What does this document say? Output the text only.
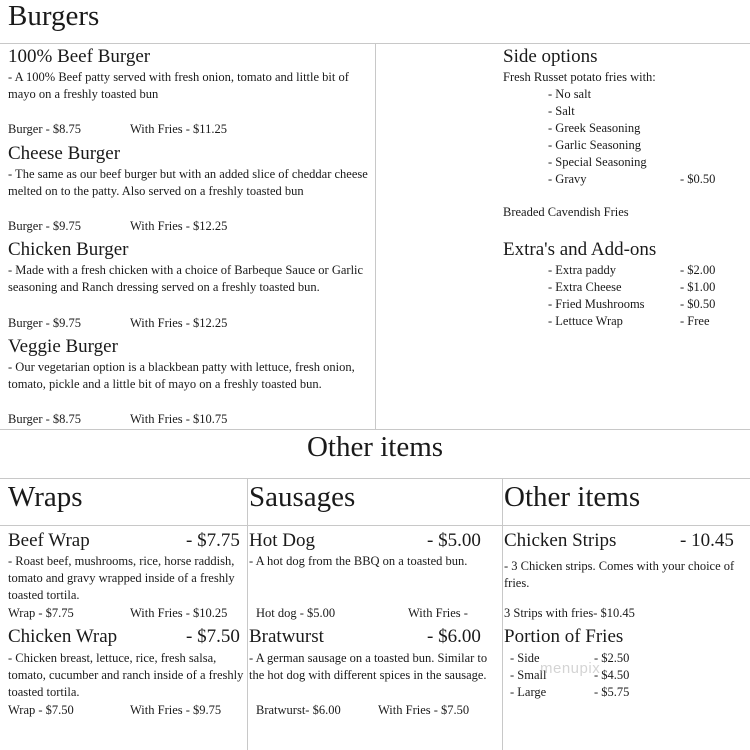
Burgers
100% Beef Burger
- A 100% Beef patty served with fresh onion, tomato and little bit of mayo on a freshly toasted bun
Burger - $8.75	With Fries - $11.25
Cheese Burger
- The same as our beef burger but with an added slice of cheddar cheese melted on to the patty. Also served on a freshly toasted bun
Burger - $9.75	With Fries - $12.25
Chicken Burger
- Made with a fresh chicken with a choice of Barbeque Sauce or Garlic seasoning and Ranch dressing served on a freshly toasted bun.
Burger - $9.75	With Fries - $12.25
Veggie Burger
- Our vegetarian option is a blackbean patty with lettuce, fresh onion, tomato, pickle and a little bit of mayo on a freshly toasted bun.
Burger - $8.75	With Fries - $10.75
Side options
Fresh Russet potato fries with:
- No salt
- Salt
- Greek Seasoning
- Garlic Seasoning
- Special Seasoning
- Gravy	- $0.50
Breaded Cavendish Fries
Extra's and Add-ons
- Extra paddy	- $2.00
- Extra Cheese	- $1.00
- Fried Mushrooms	- $0.50
- Lettuce Wrap	- Free
Other items
Wraps	Sausages	Other items
Beef Wrap	- $7.75
- Roast beef, mushrooms, rice, horse raddish, tomato and gravy wrapped inside of a freshly toasted tortila.
Wrap - $7.75	With Fries - $10.25
Chicken Wrap	- $7.50
- Chicken breast, lettuce, rice, fresh salsa, tomato, cucumber and ranch inside of a freshly toasted tortila.
Wrap - $7.50	With Fries - $9.75
Hot Dog	- $5.00
- A hot dog from the BBQ on a toasted bun.
Hot dog - $5.00	With Fries -
Bratwurst	- $6.00
- A german sausage on a toasted bun. Similar to the hot dog with different spices in the sausage.
Bratwurst- $6.00	With Fries - $7.50
Chicken Strips	- 10.45
- 3 Chicken strips. Comes with your choice of fries.
3 Strips with fries- $10.45
Portion of Fries
- Side	- $2.50
- Small	- $4.50
- Large	- $5.75
menupix
